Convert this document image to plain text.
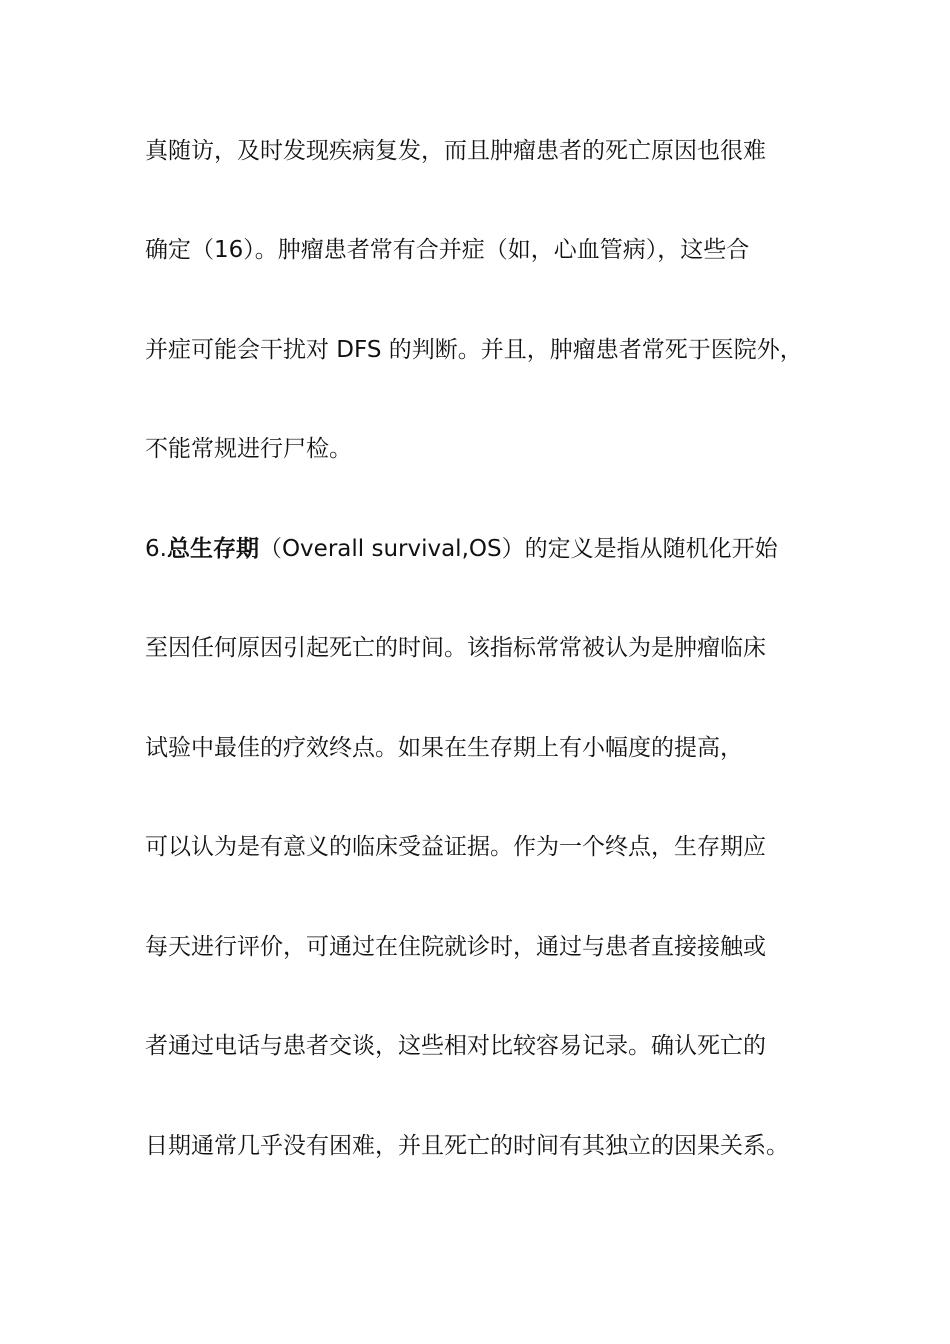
真随访，及时发现疾病复发，而且肿瘤患者的死亡原因也很难
确定（16）。肿瘤患者常有合并症（如，心血管病），这些合
并症可能会干扰对 DFS 的判断。并且，肿瘤患者常死于医院外，
不能常规进行尸检。
6.总生存期（Overall survival,OS）的定义是指从随机化开始
至因任何原因引起死亡的时间。该指标常常被认为是肿瘤临床
试验中最佳的疗效终点。如果在生存期上有小幅度的提高，
可以认为是有意义的临床受益证据。作为一个终点，生存期应
每天进行评价，可通过在住院就诊时，通过与患者直接接触或
者通过电话与患者交谈，这些相对比较容易记录。确认死亡的
日期通常几乎没有困难，并且死亡的时间有其独立的因果关系。
